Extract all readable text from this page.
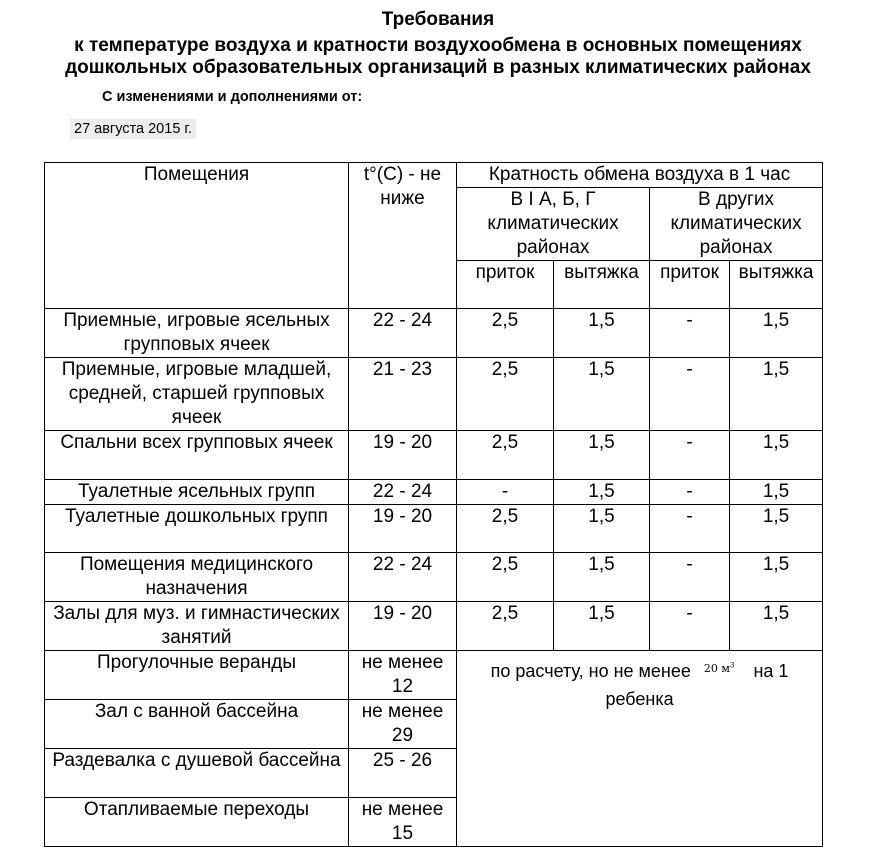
Требования
к температуре воздуха и кратности воздухообмена в основных помещениях
дошкольных образовательных организаций в разных климатических районах
С изменениями и дополнениями от:
27 августа 2015 г.
Помещения	t°(C) - не ниже	Кратность обмена воздуха в 1 час			
		В I А, Б, Г климатических районах		В других климатических районах	
		приток	вытяжка	приток	вытяжка
Приемные, игровые ясельных групповых ячеек	22 - 24	2,5	1,5	-	1,5
Приемные, игровые младшей, средней, старшей групповых ячеек	21 - 23	2,5	1,5	-	1,5
Спальни всех групповых ячеек	19 - 20	2,5	1,5	-	1,5
Туалетные ясельных групп	22 - 24	-	1,5	-	1,5
Туалетные дошкольных групп	19 - 20	2,5	1,5	-	1,5
Помещения медицинского назначения	22 - 24	2,5	1,5	-	1,5
Залы для муз. и гимнастических занятий	19 - 20	2,5	1,5	-	1,5
Прогулочные веранды	не менее 12	по расчету, но не менее $^{20 м^3}$ на 1 ребенка			
Зал с ванной бассейна	не менее 29				
Раздевалка с душевой бассейна	25 - 26				
Отапливаемые переходы	не менее 15				
